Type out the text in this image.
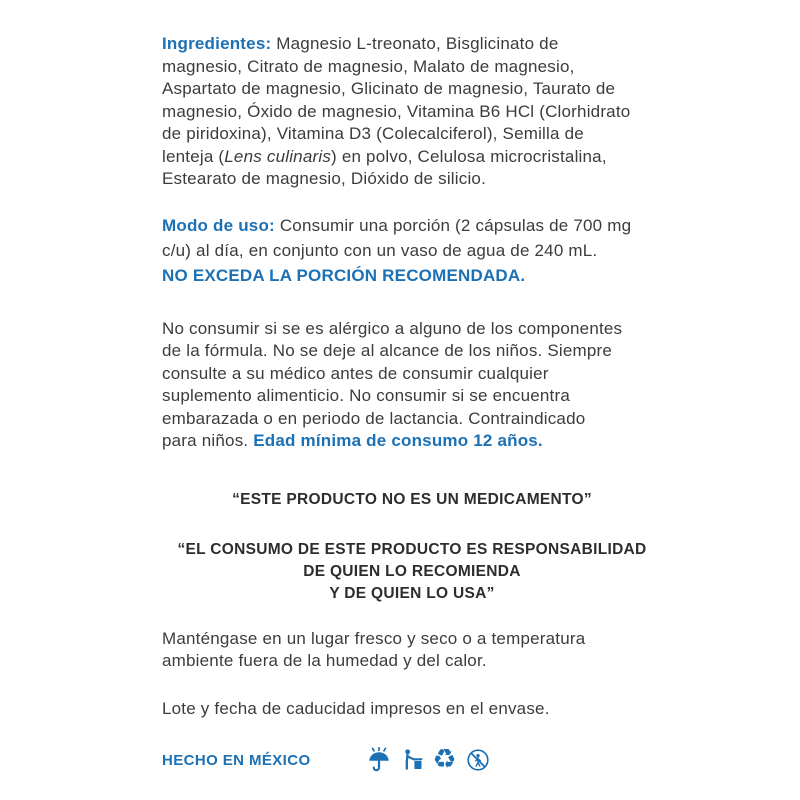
Ingredientes: Magnesio L-treonato, Bisglicinato de
magnesio, Citrato de magnesio, Malato de magnesio,
Aspartato de magnesio, Glicinato de magnesio, Taurato de
magnesio, Óxido de magnesio, Vitamina B6 HCl (Clorhidrato
de piridoxina), Vitamina D3 (Colecalciferol), Semilla de
lenteja (Lens culinaris) en polvo, Celulosa microcristalina,
Estearato de magnesio, Dióxido de silicio.

Modo de uso: Consumir una porción (2 cápsulas de 700 mg
c/u) al día, en conjunto con un vaso de agua de 240 mL.
NO EXCEDA LA PORCIÓN RECOMENDADA.

No consumir si se es alérgico a alguno de los componentes
de la fórmula. No se deje al alcance de los niños. Siempre
consulte a su médico antes de consumir cualquier
suplemento alimenticio. No consumir si se encuentra
embarazada o en periodo de lactancia. Contraindicado
para niños. Edad mínima de consumo 12 años.

“ESTE PRODUCTO NO ES UN MEDICAMENTO”

“EL CONSUMO DE ESTE PRODUCTO ES RESPONSABILIDAD
DE QUIEN LO RECOMIENDA
Y DE QUIEN LO USA”

Manténgase en un lugar fresco y seco o a temperatura
ambiente fuera de la humedad y del calor.

Lote y fecha de caducidad impresos en el envase.

HECHO EN MÉXICO	♻
